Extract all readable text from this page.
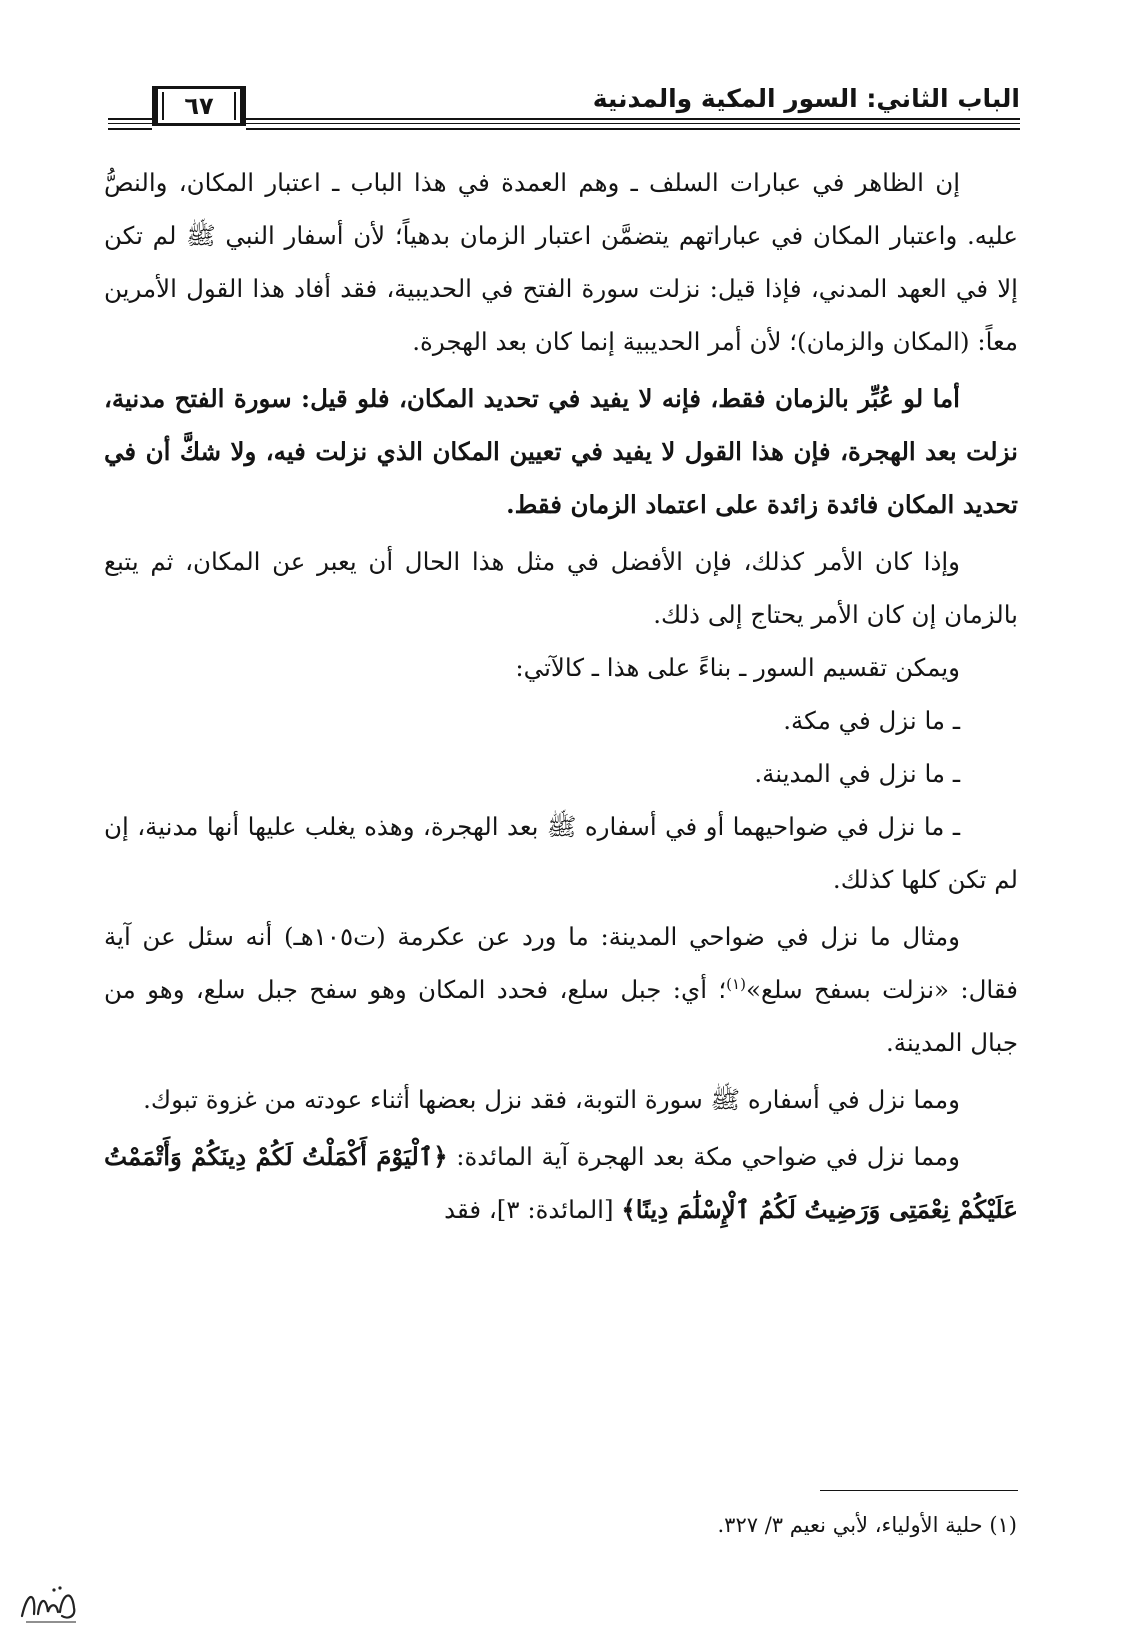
الباب الثاني: السور المكية والمدنية
٦٧

إن الظاهر في عبارات السلف ـ وهم العمدة في هذا الباب ـ اعتبار المكان، والنصُّ عليه. واعتبار المكان في عباراتهم يتضمَّن اعتبار الزمان بدهياً؛ لأن أسفار النبي ﷺ لم تكن إلا في العهد المدني، فإذا قيل: نزلت سورة الفتح في الحديبية، فقد أفاد هذا القول الأمرين معاً: (المكان والزمان)؛ لأن أمر الحديبية إنما كان بعد الهجرة.

أما لو عُبِّر بالزمان فقط، فإنه لا يفيد في تحديد المكان، فلو قيل: سورة الفتح مدنية، نزلت بعد الهجرة، فإن هذا القول لا يفيد في تعيين المكان الذي نزلت فيه، ولا شكَّ أن في تحديد المكان فائدة زائدة على اعتماد الزمان فقط.

وإذا كان الأمر كذلك، فإن الأفضل في مثل هذا الحال أن يعبر عن المكان، ثم يتبع بالزمان إن كان الأمر يحتاج إلى ذلك.

ويمكن تقسيم السور ـ بناءً على هذا ـ كالآتي:

ـ ما نزل في مكة.

ـ ما نزل في المدينة.

ـ ما نزل في ضواحيهما أو في أسفاره ﷺ بعد الهجرة، وهذه يغلب عليها أنها مدنية، إن لم تكن كلها كذلك.

ومثال ما نزل في ضواحي المدينة: ما ورد عن عكرمة (ت١٠٥هـ) أنه سئل عن آية فقال: «نزلت بسفح سلع»$^{(١)}$؛ أي: جبل سلع، فحدد المكان وهو سفح جبل سلع، وهو من جبال المدينة.

ومما نزل في أسفاره ﷺ سورة التوبة، فقد نزل بعضها أثناء عودته من غزوة تبوك.

ومما نزل في ضواحي مكة بعد الهجرة آية المائدة: ﴿ٱلْيَوْمَ أَكْمَلْتُ لَكُمْ دِينَكُمْ وَأَتْمَمْتُ عَلَيْكُمْ نِعْمَتِى وَرَضِيتُ لَكُمُ ٱلْإِسْلَٰمَ دِينًا﴾ [المائدة: ٣]، فقد

(١) حلية الأولياء، لأبي نعيم ٣/ ٣٢٧.
